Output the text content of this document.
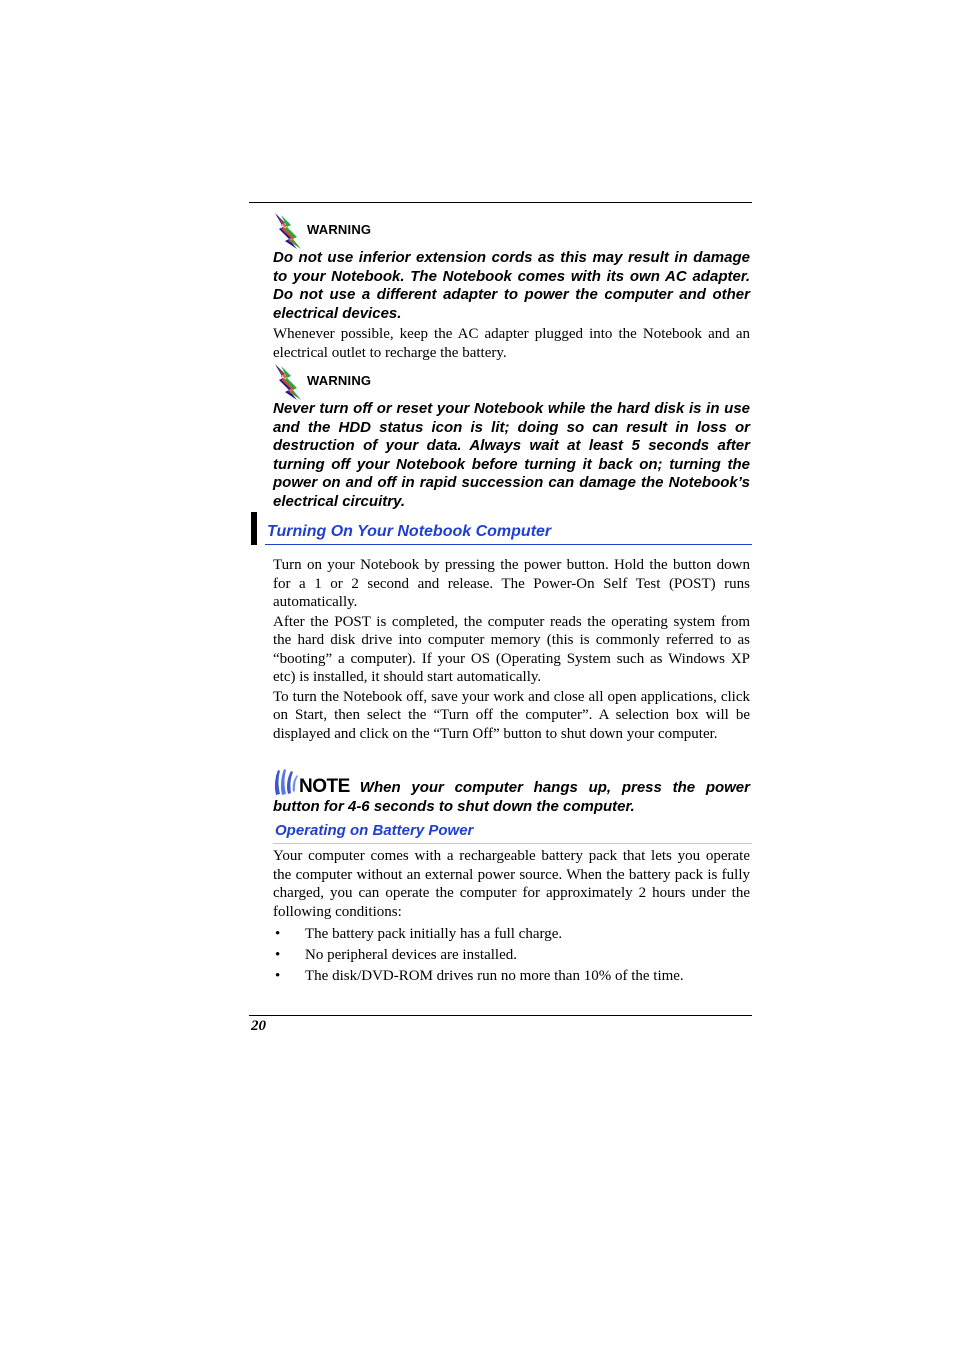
WARNING

Do not use inferior extension cords as this may result in damage to your Notebook. The Notebook comes with its own AC adapter. Do not use a different adapter to power the computer and other electrical devices.

Whenever possible, keep the AC adapter plugged into the Notebook and an electrical outlet to recharge the battery.

WARNING

Never turn off or reset your Notebook while the hard disk is in use and the HDD status icon is lit; doing so can result in loss or destruction of your data. Always wait at least 5 seconds after turning off your Notebook before turning it back on; turning the power on and off in rapid succession can damage the Notebook’s electrical circuitry.

Turning On Your Notebook Computer

Turn on your Notebook by pressing the power button. Hold the button down for a 1 or 2 second and release. The Power-On Self Test (POST) runs automatically.

After the POST is completed, the computer reads the operating system from the hard disk drive into computer memory (this is commonly referred to as “booting” a computer). If your OS (Operating System such as Windows XP etc) is installed, it should start automatically.

To turn the Notebook off, save your work and close all open applications, click on Start, then select the “Turn off the computer”. A selection box will be displayed and click on the “Turn Off” button to shut down your computer.

NOTE When your computer hangs up, press the power button for 4-6 seconds to shut down the computer.

Operating on Battery Power

Your computer comes with a rechargeable battery pack that lets you operate the computer without an external power source. When the battery pack is fully charged, you can operate the computer for approximately 2 hours under the following conditions:

• The battery pack initially has a full charge.
• No peripheral devices are installed.
• The disk/DVD-ROM drives run no more than 10% of the time.
20
